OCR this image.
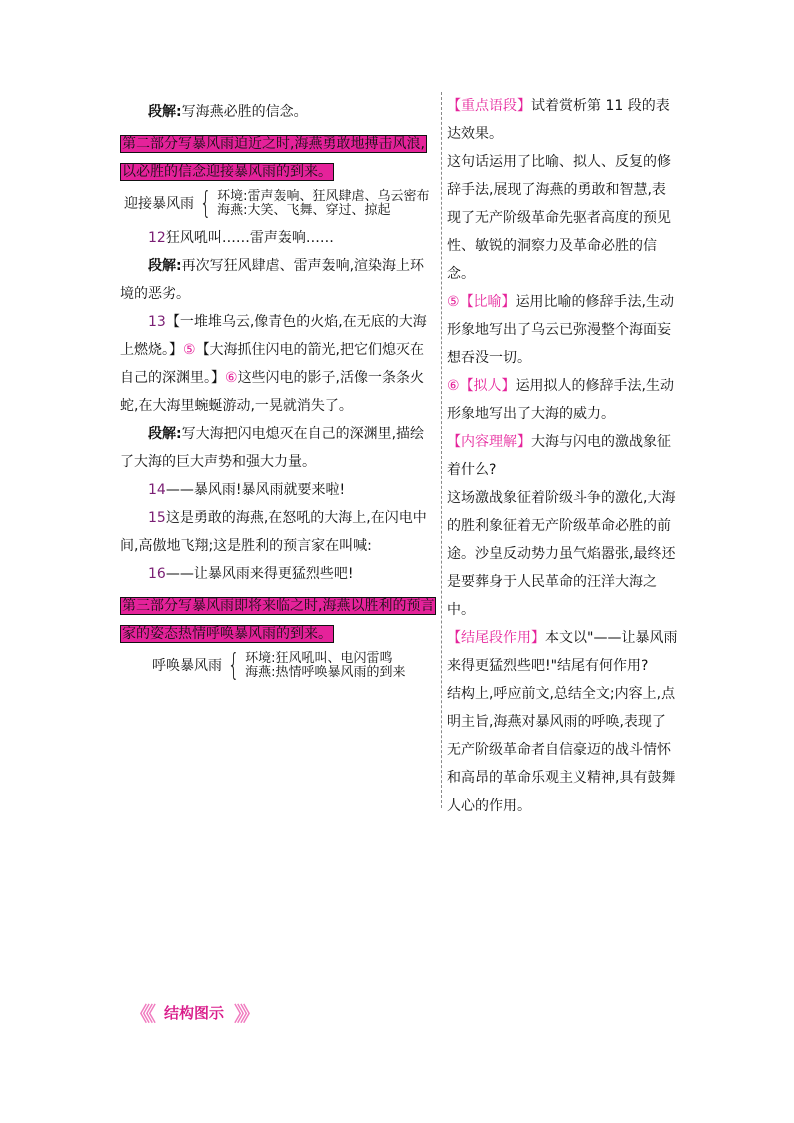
段解:写海燕必胜的信念。

第二部分写暴风雨迫近之时,海燕勇敢地搏击风浪,以必胜的信念迎接暴风雨的到来。

迎接暴风雨 { 环境:雷声轰响、狂风肆虐、乌云密布
海燕:大笑、飞舞、穿过、掠起

12狂风吼叫……雷声轰响……

段解:再次写狂风肆虐、雷声轰响,渲染海上环境的恶劣。

13【一堆堆乌云,像青色的火焰,在无底的大海上燃烧。】⑤【大海抓住闪电的箭光,把它们熄灭在自己的深渊里。】⑥这些闪电的影子,活像一条条火蛇,在大海里蜿蜒游动,一晃就消失了。

段解:写大海把闪电熄灭在自己的深渊里,描绘了大海的巨大声势和强大力量。

14——暴风雨!暴风雨就要来啦!

15这是勇敢的海燕,在怒吼的大海上,在闪电中间,高傲地飞翔;这是胜利的预言家在叫喊:

16——让暴风雨来得更猛烈些吧!

第三部分写暴风雨即将来临之时,海燕以胜利的预言家的姿态热情呼唤暴风雨的到来。

呼唤暴风雨 { 环境:狂风吼叫、电闪雷鸣
海燕:热情呼唤暴风雨的到来

【重点语段】试着赏析第 11 段的表达效果。

这句话运用了比喻、拟人、反复的修辞手法,展现了海燕的勇敢和智慧,表现了无产阶级革命先驱者高度的预见性、敏锐的洞察力及革命必胜的信念。

⑤【比喻】运用比喻的修辞手法,生动形象地写出了乌云已弥漫整个海面妄想吞没一切。

⑥【拟人】运用拟人的修辞手法,生动形象地写出了大海的威力。

【内容理解】大海与闪电的激战象征着什么?

这场激战象征着阶级斗争的激化,大海的胜利象征着无产阶级革命必胜的前途。沙皇反动势力虽气焰嚣张,最终还是要葬身于人民革命的汪洋大海之中。

【结尾段作用】本文以"——让暴风雨来得更猛烈些吧!"结尾有何作用?

结构上,呼应前文,总结全文;内容上,点明主旨,海燕对暴风雨的呼唤,表现了无产阶级革命者自信豪迈的战斗情怀和高昂的革命乐观主义精神,具有鼓舞人心的作用。

《《 结构图示 》》
